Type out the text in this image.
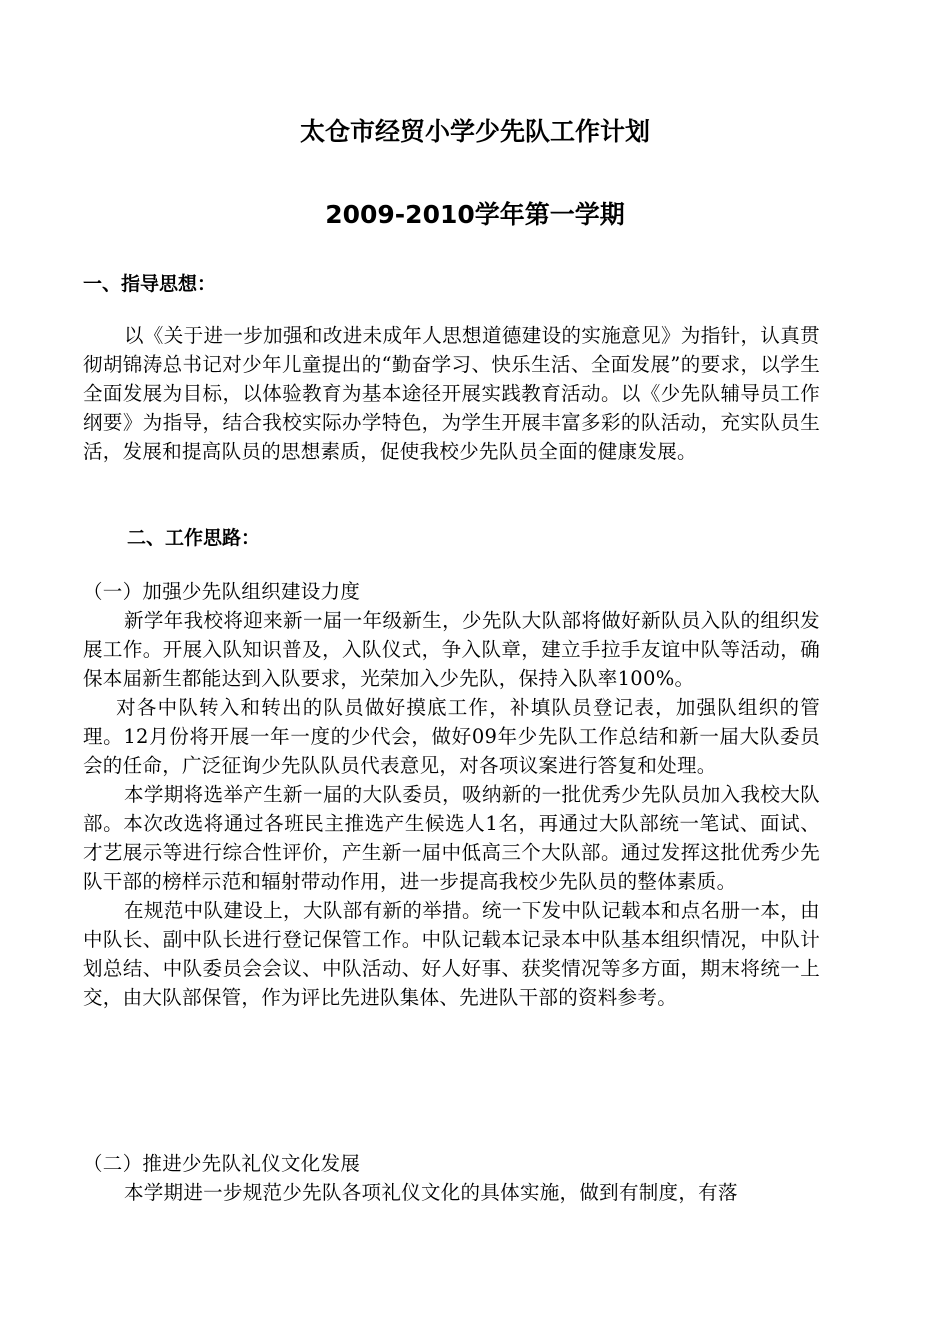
太仓市经贸小学少先队工作计划
2009-2010学年第一学期
一、指导思想：

以《关于进一步加强和改进未成年人思想道德建设的实施意见》为指针，认真贯彻胡锦涛总书记对少年儿童提出的“勤奋学习、快乐生活、全面发展”的要求，以学生全面发展为目标，以体验教育为基本途径开展实践教育活动。以《少先队辅导员工作纲要》为指导，结合我校实际办学特色，为学生开展丰富多彩的队活动，充实队员生活，发展和提高队员的思想素质，促使我校少先队员全面的健康发展。

二、工作思路：

（一）加强少先队组织建设力度

新学年我校将迎来新一届一年级新生，少先队大队部将做好新队员入队的组织发展工作。开展入队知识普及，入队仪式，争入队章，建立手拉手友谊中队等活动，确保本届新生都能达到入队要求，光荣加入少先队，保持入队率100%。

对各中队转入和转出的队员做好摸底工作，补填队员登记表，加强队组织的管理。12月份将开展一年一度的少代会，做好09年少先队工作总结和新一届大队委员会的任命，广泛征询少先队队员代表意见，对各项议案进行答复和处理。

本学期将选举产生新一届的大队委员，吸纳新的一批优秀少先队员加入我校大队部。本次改选将通过各班民主推选产生候选人1名，再通过大队部统一笔试、面试、才艺展示等进行综合性评价，产生新一届中低高三个大队部。通过发挥这批优秀少先队干部的榜样示范和辐射带动作用，进一步提高我校少先队员的整体素质。

在规范中队建设上，大队部有新的举措。统一下发中队记载本和点名册一本，由中队长、副中队长进行登记保管工作。中队记载本记录本中队基本组织情况，中队计划总结、中队委员会会议、中队活动、好人好事、获奖情况等多方面，期末将统一上交，由大队部保管，作为评比先进队集体、先进队干部的资料参考。

（二）推进少先队礼仪文化发展

本学期进一步规范少先队各项礼仪文化的具体实施，做到有制度，有落
